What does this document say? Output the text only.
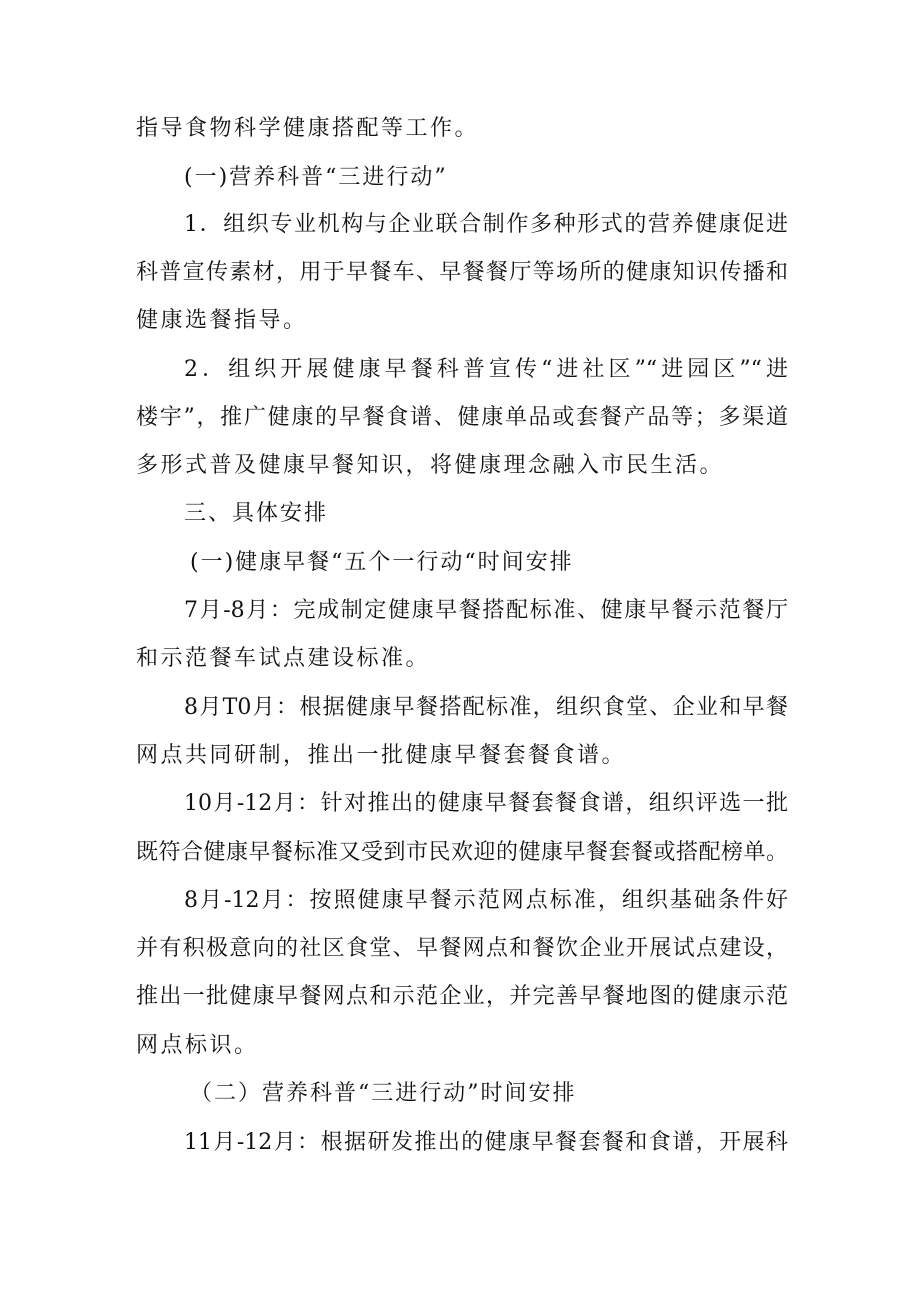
指导食物科学健康搭配等工作。
(一)营养科普“三进行动”
1．组织专业机构与企业联合制作多种形式的营养健康促进
科普宣传素材，用于早餐车、早餐餐厅等场所的健康知识传播和
健康选餐指导。
2．组织开展健康早餐科普宣传“进社区”“进园区”“进
楼宇”，推广健康的早餐食谱、健康单品或套餐产品等；多渠道
多形式普及健康早餐知识，将健康理念融入市民生活。
三、具体安排
(一)健康早餐“五个一行动“时间安排
7月-8月：完成制定健康早餐搭配标准、健康早餐示范餐厅
和示范餐车试点建设标准。
8月T0月：根据健康早餐搭配标准，组织食堂、企业和早餐
网点共同研制，推出一批健康早餐套餐食谱。
10月-12月：针对推出的健康早餐套餐食谱，组织评选一批
既符合健康早餐标准又受到市民欢迎的健康早餐套餐或搭配榜单。
8月-12月：按照健康早餐示范网点标准，组织基础条件好
并有积极意向的社区食堂、早餐网点和餐饮企业开展试点建设，
推出一批健康早餐网点和示范企业，并完善早餐地图的健康示范
网点标识。
（二）营养科普“三进行动”时间安排
11月-12月：根据研发推出的健康早餐套餐和食谱，开展科
